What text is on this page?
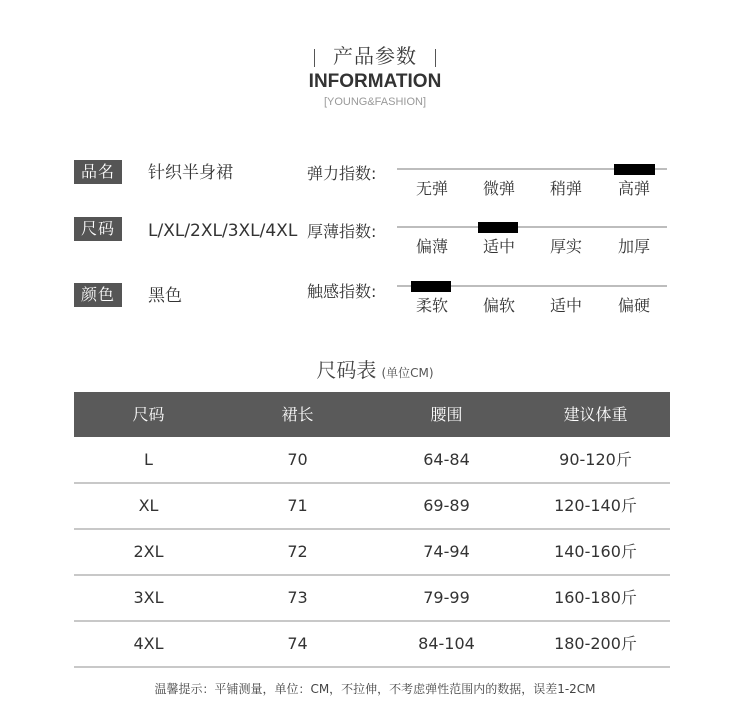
产品参数
INFORMATION
[YOUNG&FASHION]
品名	针织半身裙
尺码	L/XL/2XL/3XL/4XL
颜色	黑色
弹力指数:
无弹	微弹	稍弹	高弹
厚薄指数:
偏薄	适中	厚实	加厚
触感指数:
柔软	偏软	适中	偏硬
尺码表 (单位CM)
尺码	裙长	腰围	建议体重
L	70	64-84	90-120斤
XL	71	69-89	120-140斤
2XL	72	74-94	140-160斤
3XL	73	79-99	160-180斤
4XL	74	84-104	180-200斤
温馨提示：平铺测量，单位：CM，不拉伸，不考虑弹性范围内的数据，误差1-2CM
